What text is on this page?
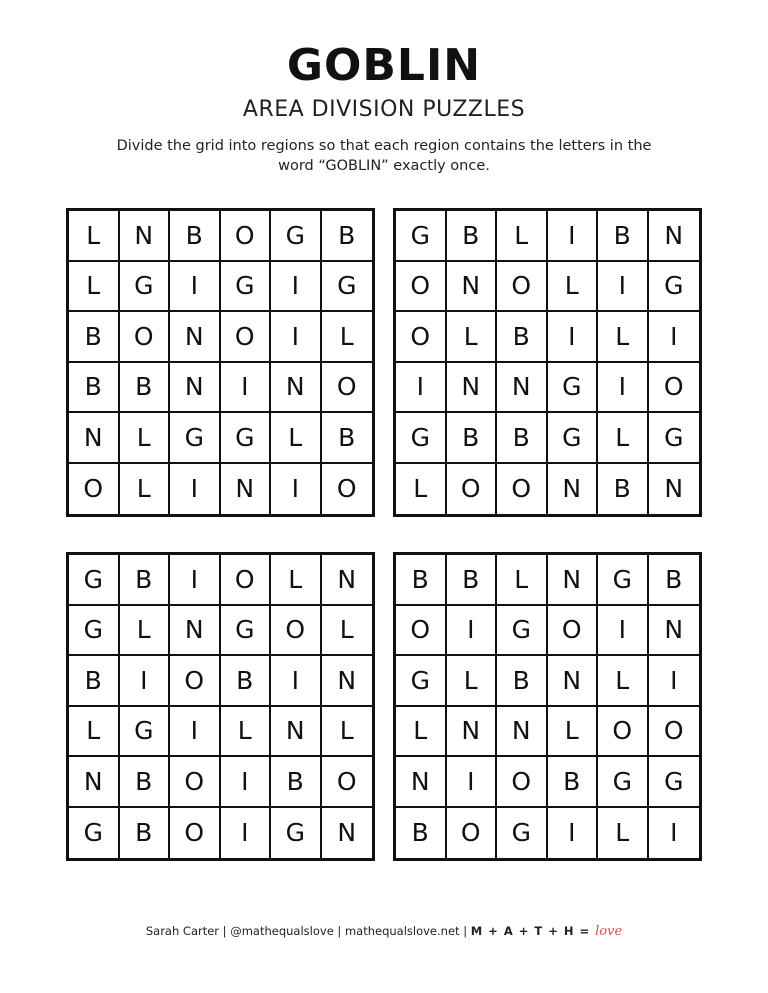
GOBLIN
AREA DIVISION PUZZLES
Divide the grid into regions so that each region contains the letters in the word “GOBLIN” exactly once.
L	N	B	O	G	B
L	G	I	G	I	G
B	O	N	O	I	L
B	B	N	I	N	O
N	L	G	G	L	B
O	L	I	N	I	O
G	B	L	I	B	N
O	N	O	L	I	G
O	L	B	I	L	I
I	N	N	G	I	O
G	B	B	G	L	G
L	O	O	N	B	N
G	B	I	O	L	N
G	L	N	G	O	L
B	I	O	B	I	N
L	G	I	L	N	L
N	B	O	I	B	O
G	B	O	I	G	N
B	B	L	N	G	B
O	I	G	O	I	N
G	L	B	N	L	I
L	N	N	L	O	O
N	I	O	B	G	G
B	O	G	I	L	I
Sarah Carter | @mathequalslove | mathequalslove.net | M + A + T + H = love
